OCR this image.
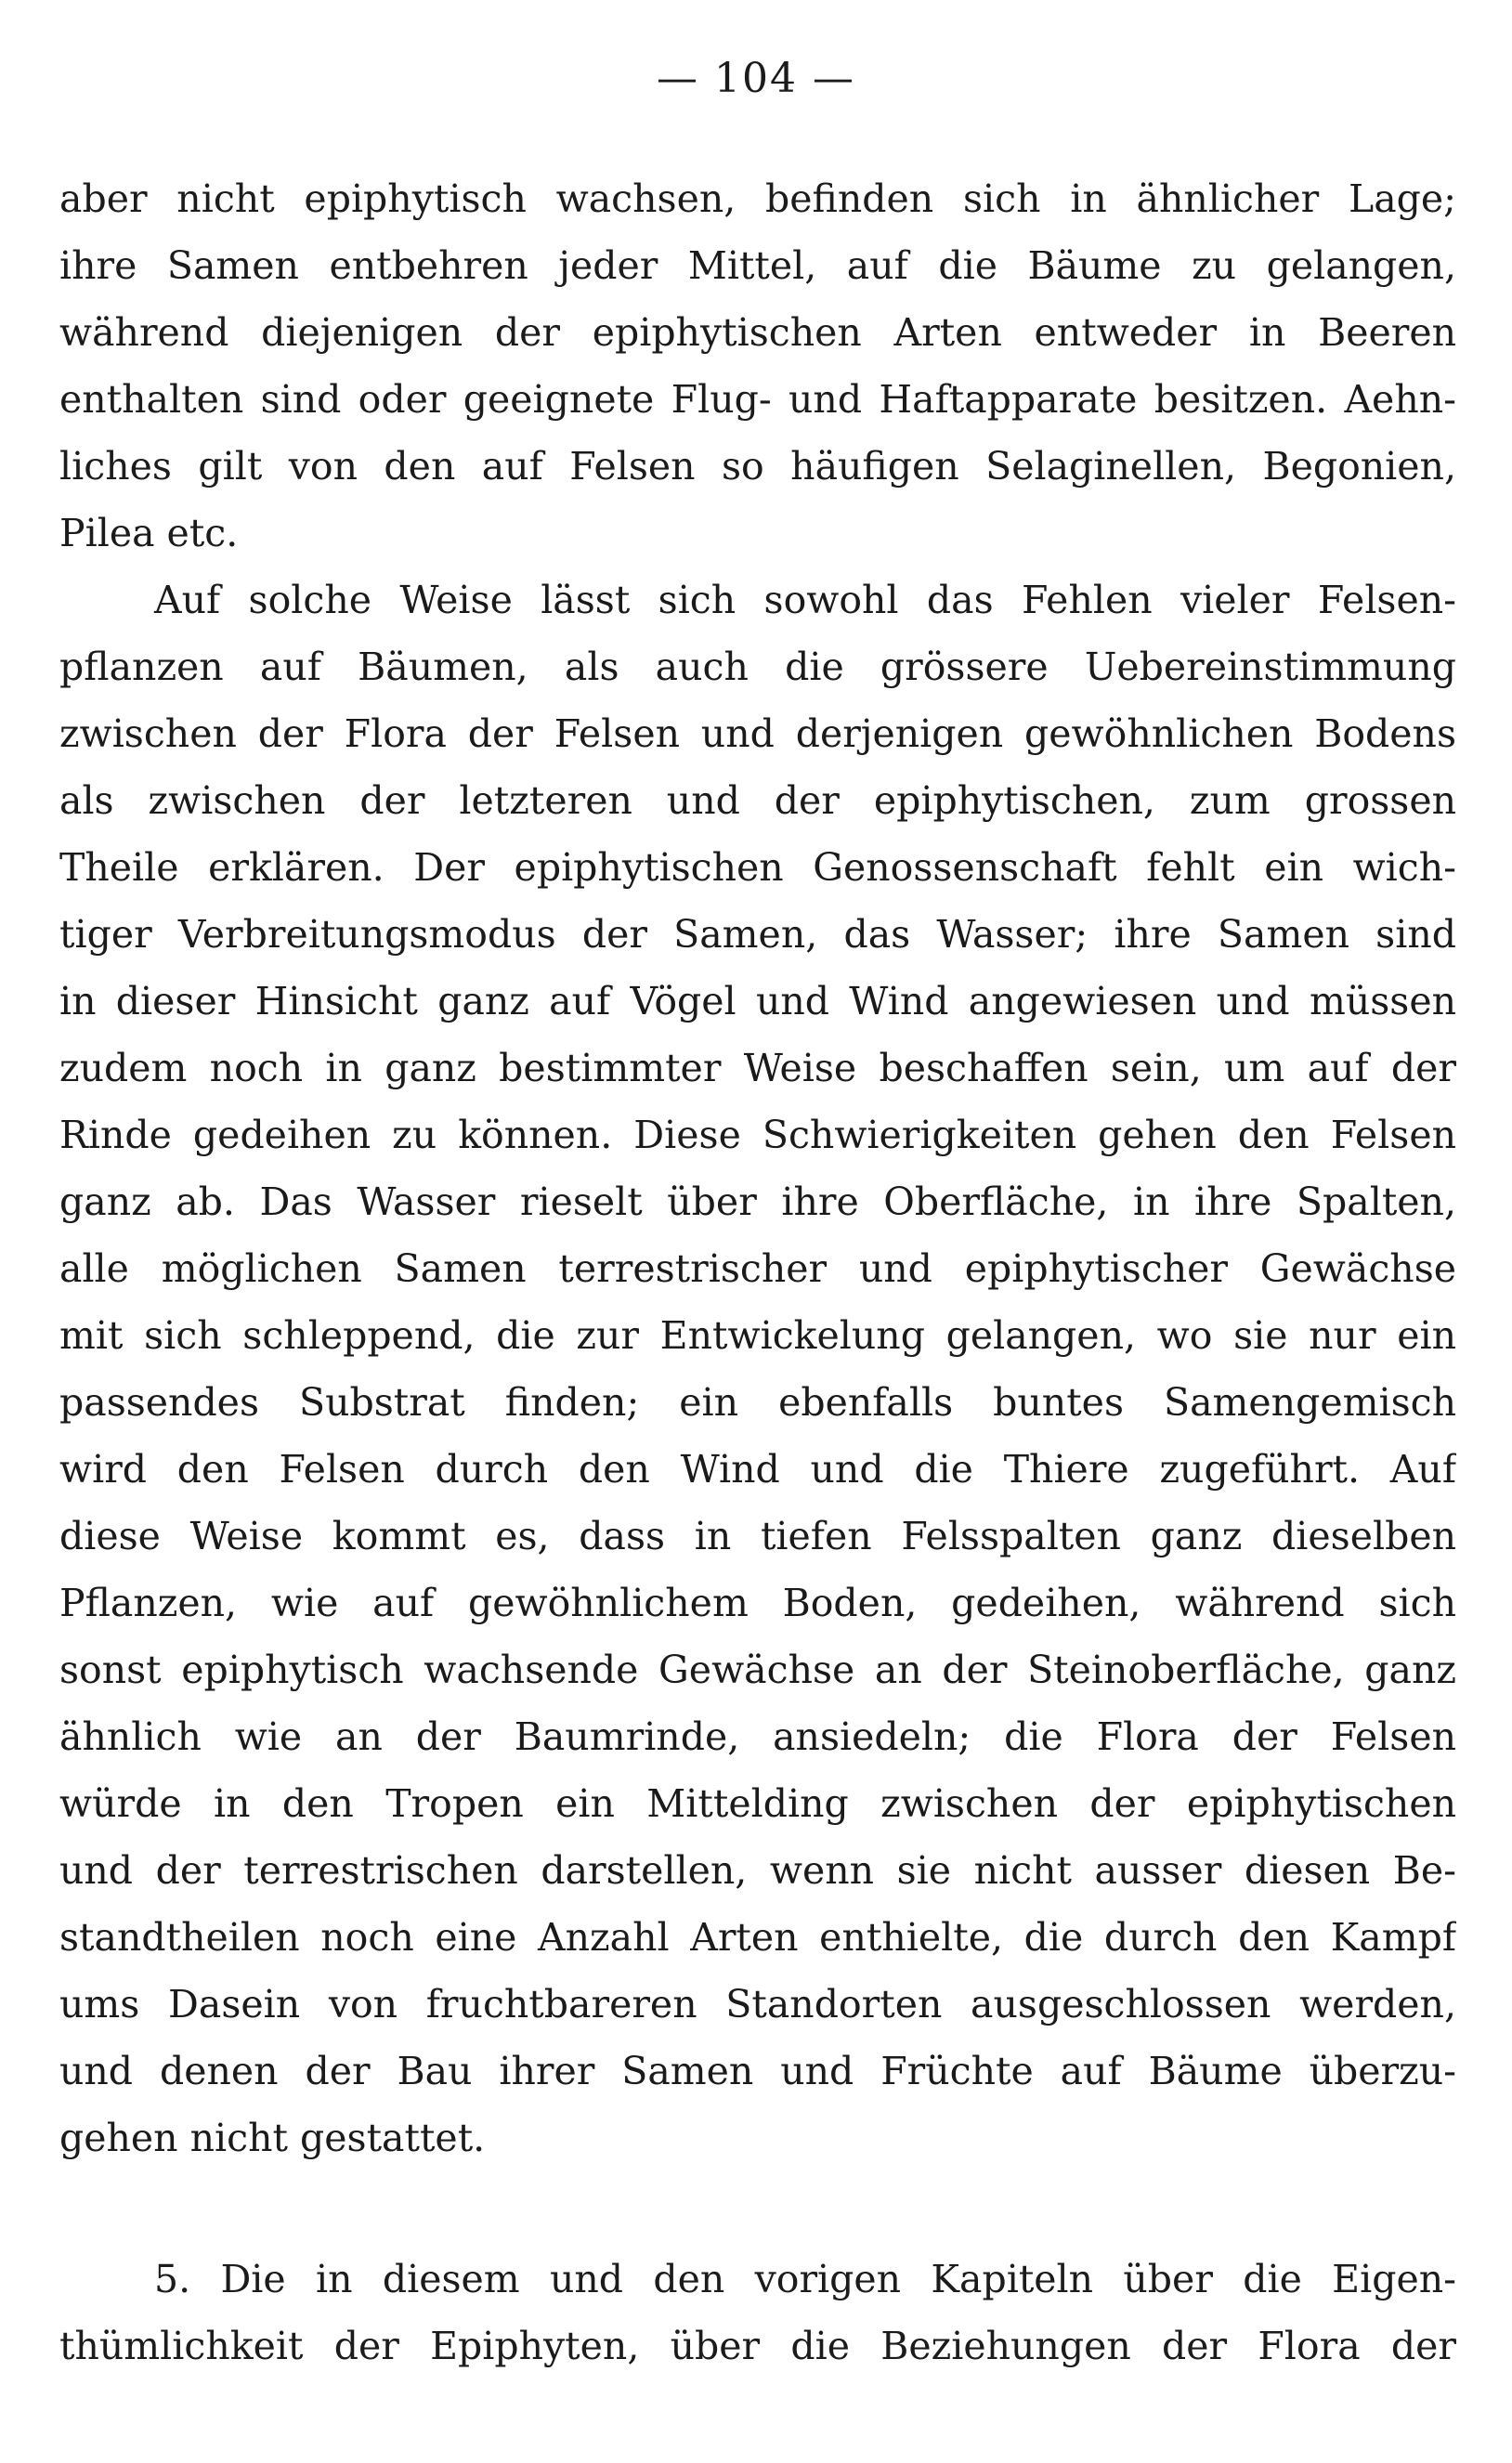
— 104 —
aber nicht epiphytisch wachsen, befinden sich in ähnlicher Lage;
ihre Samen entbehren jeder Mittel, auf die Bäume zu gelangen,
während diejenigen der epiphytischen Arten entweder in Beeren
enthalten sind oder geeignete Flug- und Haftapparate besitzen. Aehn-
liches gilt von den auf Felsen so häufigen Selaginellen, Begonien,
Pilea etc.
Auf solche Weise lässt sich sowohl das Fehlen vieler Felsen-
pflanzen auf Bäumen, als auch die grössere Uebereinstimmung
zwischen der Flora der Felsen und derjenigen gewöhnlichen Bodens
als zwischen der letzteren und der epiphytischen, zum grossen
Theile erklären. Der epiphytischen Genossenschaft fehlt ein wich-
tiger Verbreitungsmodus der Samen, das Wasser; ihre Samen sind
in dieser Hinsicht ganz auf Vögel und Wind angewiesen und müssen
zudem noch in ganz bestimmter Weise beschaffen sein, um auf der
Rinde gedeihen zu können. Diese Schwierigkeiten gehen den Felsen
ganz ab. Das Wasser rieselt über ihre Oberfläche, in ihre Spalten,
alle möglichen Samen terrestrischer und epiphytischer Gewächse
mit sich schleppend, die zur Entwickelung gelangen, wo sie nur ein
passendes Substrat finden; ein ebenfalls buntes Samengemisch
wird den Felsen durch den Wind und die Thiere zugeführt. Auf
diese Weise kommt es, dass in tiefen Felsspalten ganz dieselben
Pflanzen, wie auf gewöhnlichem Boden, gedeihen, während sich
sonst epiphytisch wachsende Gewächse an der Steinoberfläche, ganz
ähnlich wie an der Baumrinde, ansiedeln; die Flora der Felsen
würde in den Tropen ein Mittelding zwischen der epiphytischen
und der terrestrischen darstellen, wenn sie nicht ausser diesen Be-
standtheilen noch eine Anzahl Arten enthielte, die durch den Kampf
ums Dasein von fruchtbareren Standorten ausgeschlossen werden,
und denen der Bau ihrer Samen und Früchte auf Bäume überzu-
gehen nicht gestattet.
5. Die in diesem und den vorigen Kapiteln über die Eigen-
thümlichkeit der Epiphyten, über die Beziehungen der Flora der
